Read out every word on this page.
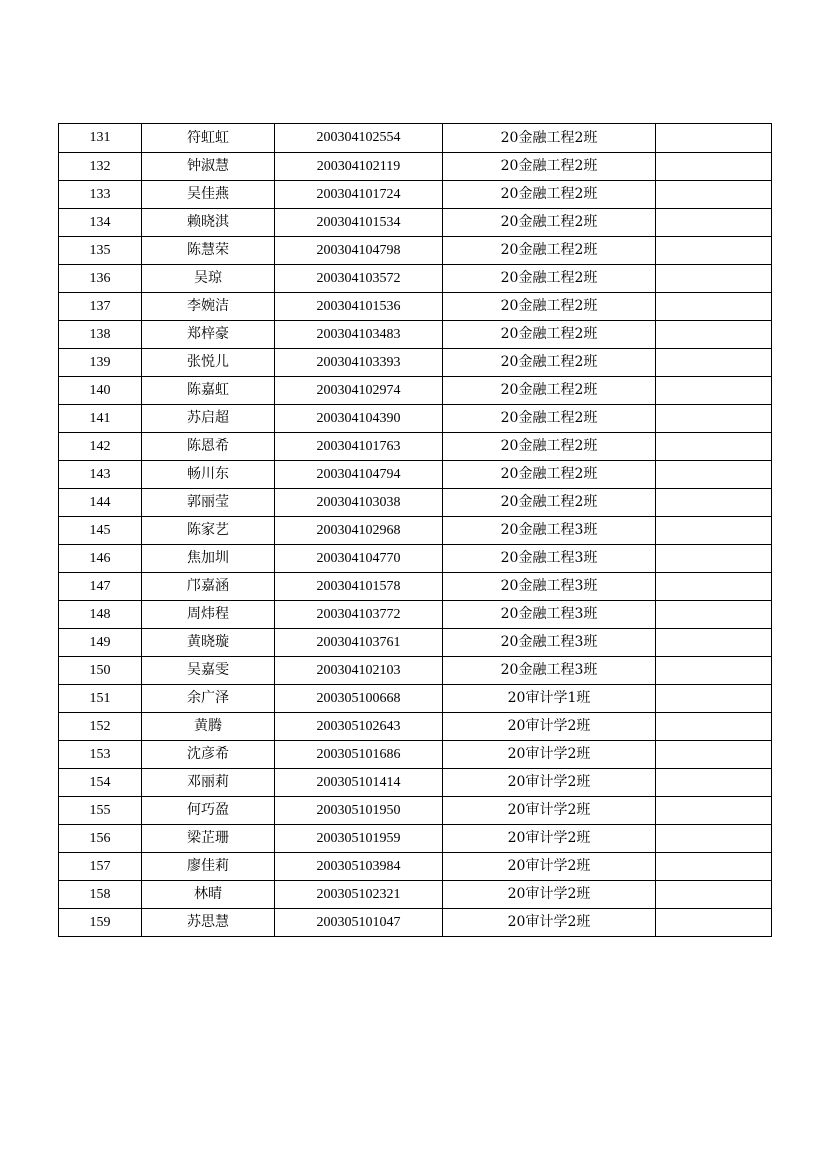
131	符虹虹	200304102554	20金融工程2班	
132	钟淑慧	200304102119	20金融工程2班	
133	吴佳燕	200304101724	20金融工程2班	
134	赖晓淇	200304101534	20金融工程2班	
135	陈慧荣	200304104798	20金融工程2班	
136	吴琼	200304103572	20金融工程2班	
137	李婉洁	200304101536	20金融工程2班	
138	郑梓豪	200304103483	20金融工程2班	
139	张悦儿	200304103393	20金融工程2班	
140	陈嘉虹	200304102974	20金融工程2班	
141	苏启超	200304104390	20金融工程2班	
142	陈恩希	200304101763	20金融工程2班	
143	畅川东	200304104794	20金融工程2班	
144	郭丽莹	200304103038	20金融工程2班	
145	陈家艺	200304102968	20金融工程3班	
146	焦加圳	200304104770	20金融工程3班	
147	邝嘉涵	200304101578	20金融工程3班	
148	周炜程	200304103772	20金融工程3班	
149	黄晓璇	200304103761	20金融工程3班	
150	吴嘉雯	200304102103	20金融工程3班	
151	余广泽	200305100668	20审计学1班	
152	黄腾	200305102643	20审计学2班	
153	沈彦希	200305101686	20审计学2班	
154	邓丽莉	200305101414	20审计学2班	
155	何巧盈	200305101950	20审计学2班	
156	梁芷珊	200305101959	20审计学2班	
157	廖佳莉	200305103984	20审计学2班	
158	林晴	200305102321	20审计学2班	
159	苏思慧	200305101047	20审计学2班	
